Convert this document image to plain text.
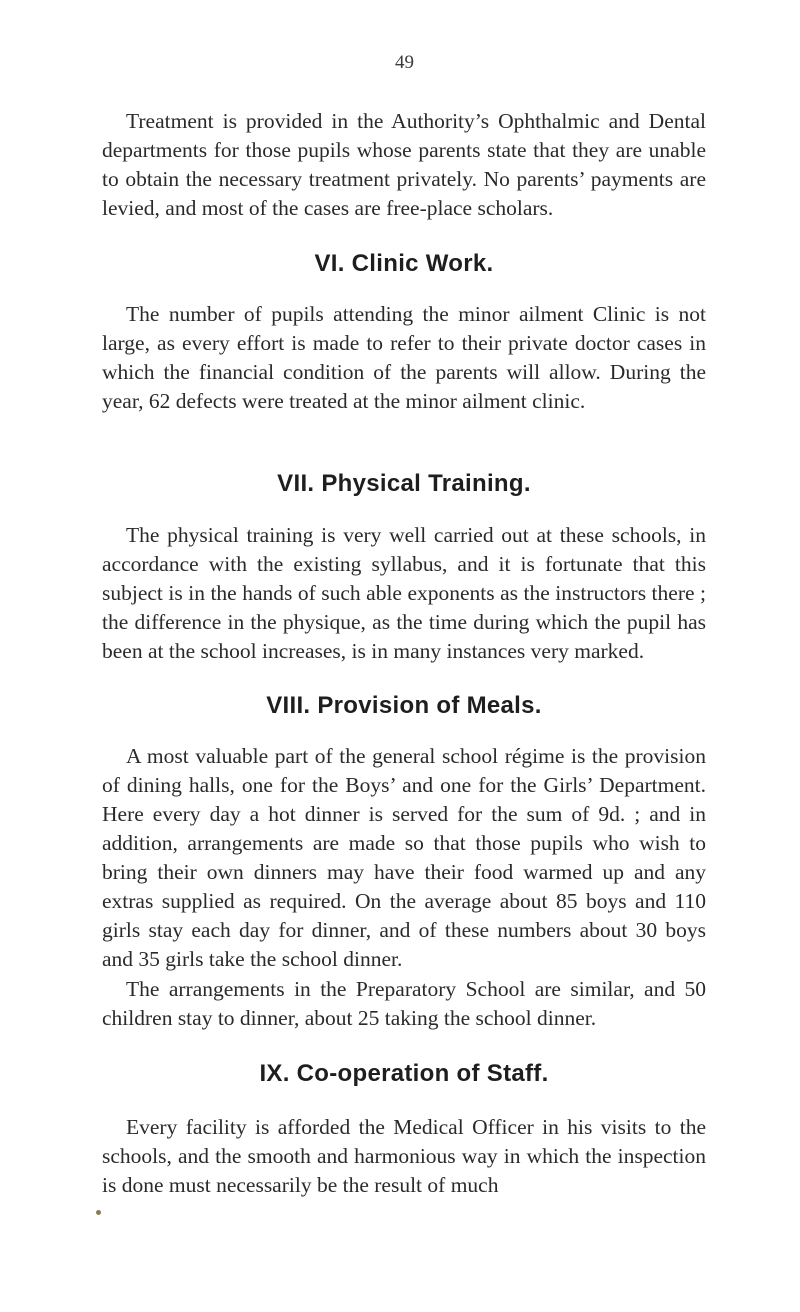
49

Treatment is provided in the Authority’s Ophthalmic and Dental departments for those pupils whose parents state that they are unable to obtain the necessary treatment privately. No parents’ payments are levied, and most of the cases are free-place scholars.

VI. Clinic Work.

The number of pupils attending the minor ailment Clinic is not large, as every effort is made to refer to their private doctor cases in which the financial condition of the parents will allow. During the year, 62 defects were treated at the minor ailment clinic.

VII. Physical Training.

The physical training is very well carried out at these schools, in accordance with the existing syllabus, and it is fortunate that this subject is in the hands of such able exponents as the instructors there ; the difference in the physique, as the time during which the pupil has been at the school increases, is in many instances very marked.

VIII. Provision of Meals.

A most valuable part of the general school régime is the provision of dining halls, one for the Boys’ and one for the Girls’ Department. Here every day a hot dinner is served for the sum of 9d. ; and in addition, arrangements are made so that those pupils who wish to bring their own dinners may have their food warmed up and any extras supplied as required. On the average about 85 boys and 110 girls stay each day for dinner, and of these numbers about 30 boys and 35 girls take the school dinner.

The arrangements in the Preparatory School are similar, and 50 children stay to dinner, about 25 taking the school dinner.

IX. Co-operation of Staff.

Every facility is afforded the Medical Officer in his visits to the schools, and the smooth and harmonious way in which the inspection is done must necessarily be the result of much
